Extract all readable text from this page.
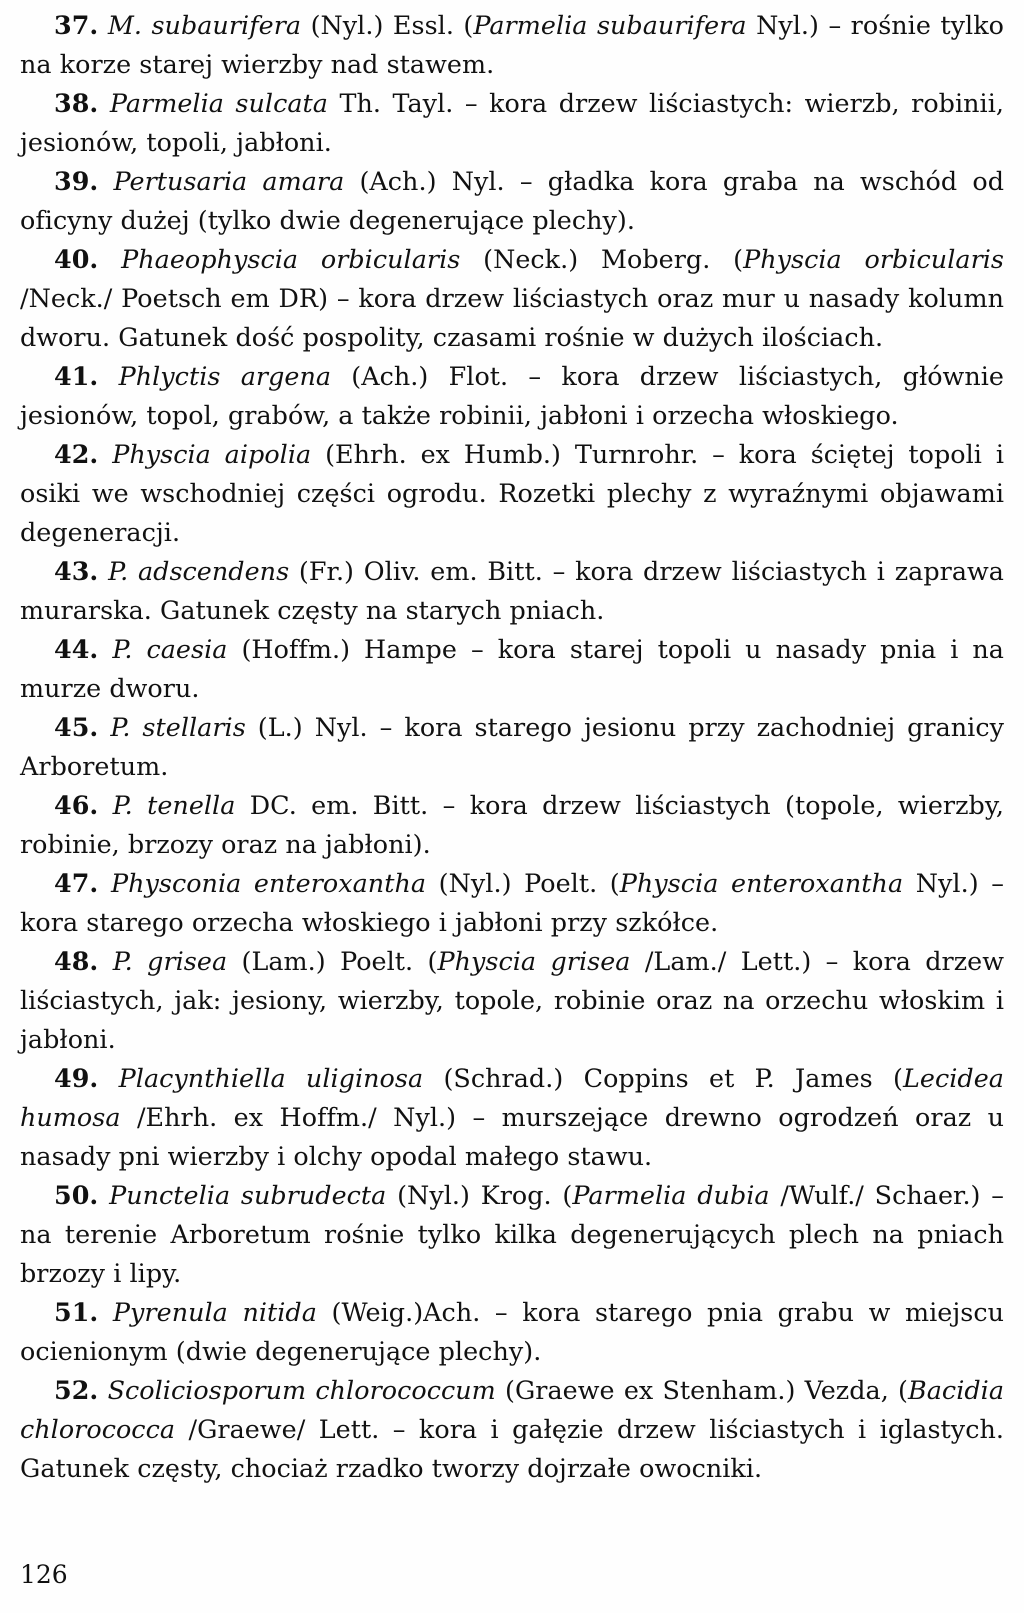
37. M. subaurifera (Nyl.) Essl. (Parmelia subaurifera Nyl.) – rośnie tylko na korze starej wierzby nad stawem.

38. Parmelia sulcata Th. Tayl. – kora drzew liściastych: wierzb, robinii, jesionów, topoli, jabłoni.

39. Pertusaria amara (Ach.) Nyl. – gładka kora graba na wschód od oficyny dużej (tylko dwie degenerujące plechy).

40. Phaeophyscia orbicularis (Neck.) Moberg. (Physcia orbicularis /Neck./ Poetsch em DR) – kora drzew liściastych oraz mur u nasady kolumn dworu. Gatunek dość pospolity, czasami rośnie w dużych ilościach.

41. Phlyctis argena (Ach.) Flot. – kora drzew liściastych, głównie jesionów, topol, grabów, a także robinii, jabłoni i orzecha włoskiego.

42. Physcia aipolia (Ehrh. ex Humb.) Turnrohr. – kora ściętej topoli i osiki we wschodniej części ogrodu. Rozetki plechy z wyraźnymi objawami degeneracji.

43. P. adscendens (Fr.) Oliv. em. Bitt. – kora drzew liściastych i zaprawa murarska. Gatunek częsty na starych pniach.

44. P. caesia (Hoffm.) Hampe – kora starej topoli u nasady pnia i na murze dworu.

45. P. stellaris (L.) Nyl. – kora starego jesionu przy zachodniej granicy Arboretum.

46. P. tenella DC. em. Bitt. – kora drzew liściastych (topole, wierzby, robinie, brzozy oraz na jabłoni).

47. Physconia enteroxantha (Nyl.) Poelt. (Physcia enteroxantha Nyl.) – kora starego orzecha włoskiego i jabłoni przy szkółce.

48. P. grisea (Lam.) Poelt. (Physcia grisea /Lam./ Lett.) – kora drzew liściastych, jak: jesiony, wierzby, topole, robinie oraz na orzechu włoskim i jabłoni.

49. Placynthiella uliginosa (Schrad.) Coppins et P. James (Lecidea humosa /Ehrh. ex Hoffm./ Nyl.) – murszejące drewno ogrodzeń oraz u nasady pni wierzby i olchy opodal małego stawu.

50. Punctelia subrudecta (Nyl.) Krog. (Parmelia dubia /Wulf./ Schaer.) – na terenie Arboretum rośnie tylko kilka degenerujących plech na pniach brzozy i lipy.

51. Pyrenula nitida (Weig.)Ach. – kora starego pnia grabu w miejscu ocienionym (dwie degenerujące plechy).

52. Scoliciosporum chlorococcum (Graewe ex Stenham.) Vezda, (Bacidia chlorococca /Graewe/ Lett. – kora i gałęzie drzew liściastych i iglastych. Gatunek częsty, chociaż rzadko tworzy dojrzałe owocniki.

126
